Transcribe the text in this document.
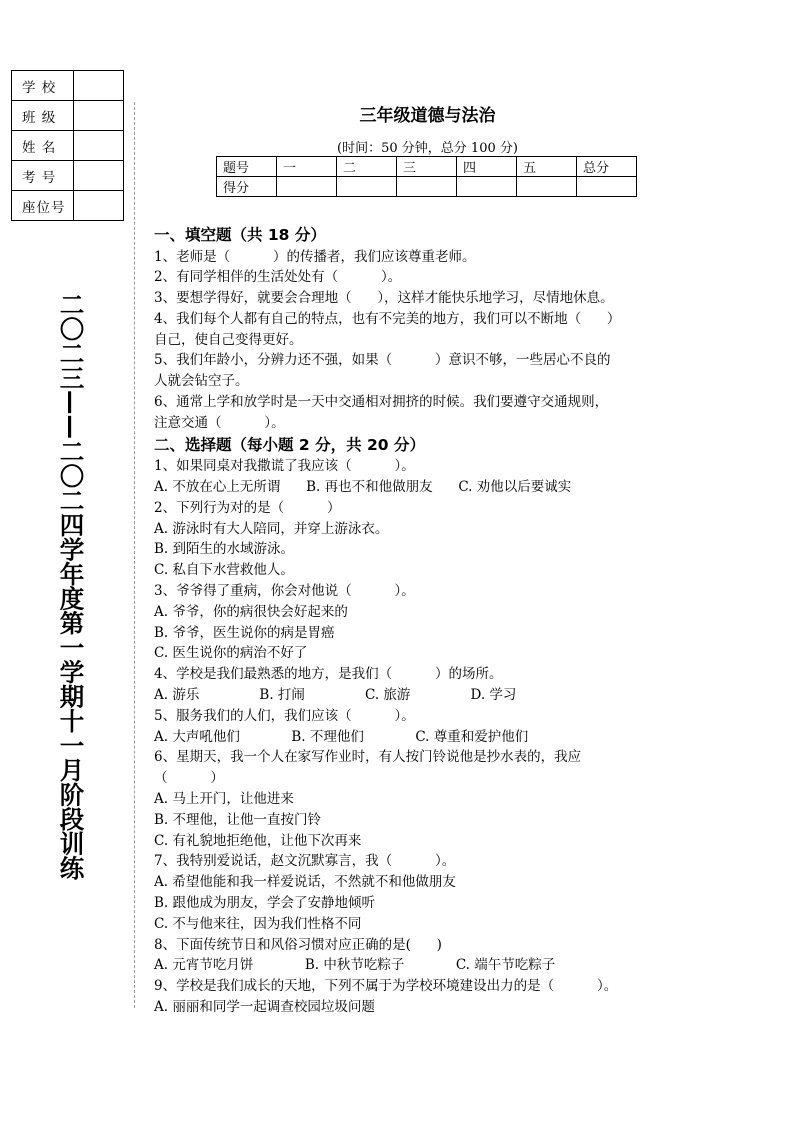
学 校	
班 级	
姓 名	
考 号	
座位号	
二〇二三——二〇二四学年度第一学期十一月阶段训练
三年级道德与法治
(时间：50 分钟，总分 100 分)
题号	一	二	三	四	五	总分
得分						
一、填空题（共 18 分）
1、老师是（          ）的传播者，我们应该尊重老师。
2、有同学相伴的生活处处有（          ）。
3、要想学得好，就要会合理地（      ），这样才能快乐地学习，尽情地休息。
4、我们每个人都有自己的特点，也有不完美的地方，我们可以不断地（      ）
自己，使自己变得更好。
5、我们年龄小，分辨力还不强，如果（          ）意识不够，一些居心不良的
人就会钻空子。
6、通常上学和放学时是一天中交通相对拥挤的时候。我们要遵守交通规则，
注意交通（          ）。
二、选择题（每小题 2 分，共 20 分）
1、如果同桌对我撒谎了我应该（          ）。
A. 不放在心上无所谓      B. 再也不和他做朋友      C. 劝他以后要诚实
2、下列行为对的是（          ）
A. 游泳时有大人陪同，并穿上游泳衣。
B. 到陌生的水域游泳。
C. 私自下水营救他人。
3、爷爷得了重病，你会对他说（          ）。
A. 爷爷，你的病很快会好起来的
B. 爷爷，医生说你的病是胃癌
C. 医生说你的病治不好了
4、学校是我们最熟悉的地方，是我们（          ）的场所。
A. 游乐              B. 打闹              C. 旅游              D. 学习
5、服务我们的人们，我们应该（          ）。
A. 大声吼他们            B. 不理他们            C. 尊重和爱护他们
6、星期天，我一个人在家写作业时，有人按门铃说他是抄水表的，我应
（          ）
A. 马上开门，让他进来
B. 不理他，让他一直按门铃
C. 有礼貌地拒绝他，让他下次再来
7、我特别爱说话，赵文沉默寡言，我（          ）。
A. 希望他能和我一样爱说话，不然就不和他做朋友
B. 跟他成为朋友，学会了安静地倾听
C. 不与他来往，因为我们性格不同
8、下面传统节日和风俗习惯对应正确的是(      )
A. 元宵节吃月饼            B. 中秋节吃粽子            C. 端午节吃粽子
9、学校是我们成长的天地，下列不属于为学校环境建设出力的是（          ）。
A. 丽丽和同学一起调查校园垃圾问题
